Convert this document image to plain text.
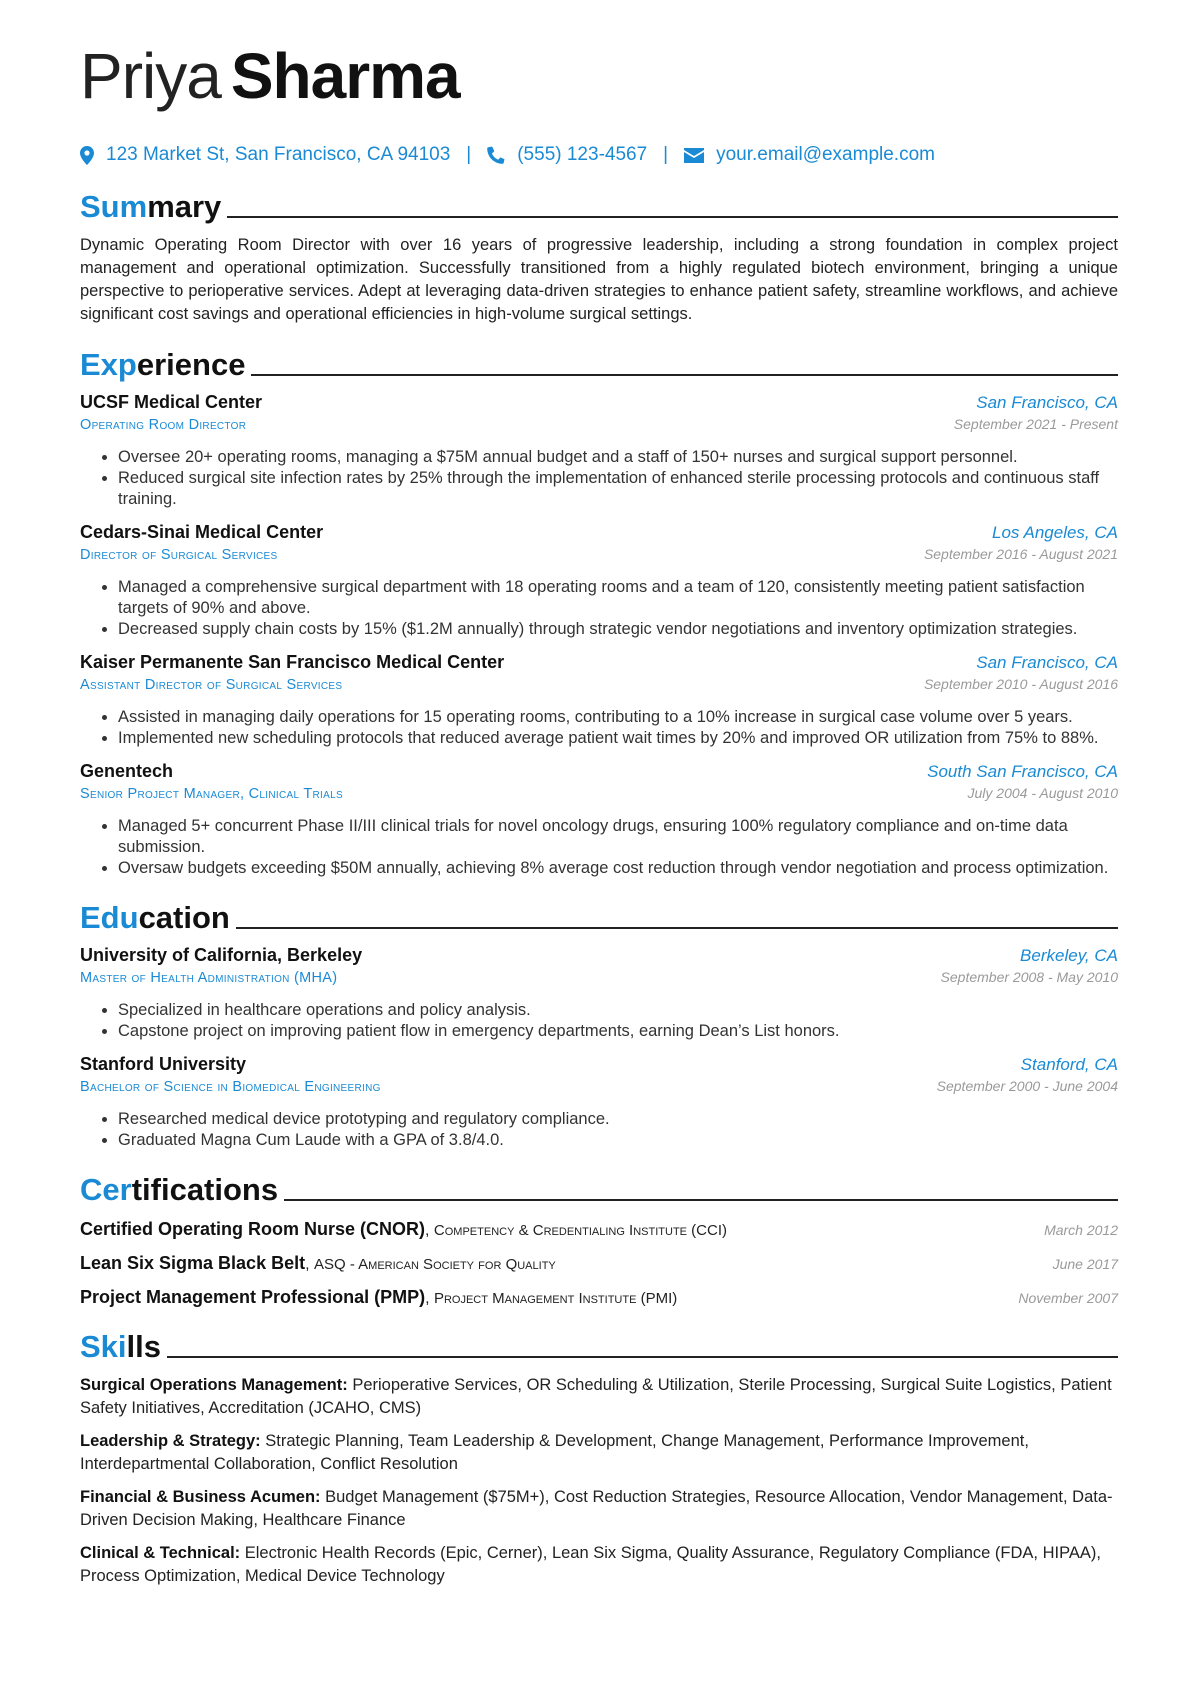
Priya Sharma
123 Market St, San Francisco, CA 94103 | (555) 123-4567 |	your.email@example.com
Summary
Dynamic Operating Room Director with over 16 years of progressive leadership, including a strong foundation in complex project management and operational optimization. Successfully transitioned from a highly regulated biotech environment, bringing a unique perspective to perioperative services. Adept at leveraging data-driven strategies to enhance patient safety, streamline workflows, and achieve significant cost savings and operational efficiencies in high-volume surgical settings.
Experience
UCSF Medical Center	San Francisco, CA
Operating Room Director	September 2021 - Present
• Oversee 20+ operating rooms, managing a $75M annual budget and a staff of 150+ nurses and surgical support personnel.
• Reduced surgical site infection rates by 25% through the implementation of enhanced sterile processing protocols and continuous staff training.
Cedars-Sinai Medical Center	Los Angeles, CA
Director of Surgical Services	September 2016 - August 2021
• Managed a comprehensive surgical department with 18 operating rooms and a team of 120, consistently meeting patient satisfaction targets of 90% and above.
• Decreased supply chain costs by 15% ($1.2M annually) through strategic vendor negotiations and inventory optimization strategies.
Kaiser Permanente San Francisco Medical Center	San Francisco, CA
Assistant Director of Surgical Services	September 2010 - August 2016
• Assisted in managing daily operations for 15 operating rooms, contributing to a 10% increase in surgical case volume over 5 years.
• Implemented new scheduling protocols that reduced average patient wait times by 20% and improved OR utilization from 75% to 88%.
Genentech	South San Francisco, CA
Senior Project Manager, Clinical Trials	July 2004 - August 2010
• Managed 5+ concurrent Phase II/III clinical trials for novel oncology drugs, ensuring 100% regulatory compliance and on-time data submission.
• Oversaw budgets exceeding $50M annually, achieving 8% average cost reduction through vendor negotiation and process optimization.
Education
University of California, Berkeley	Berkeley, CA
Master of Health Administration (MHA)	September 2008 - May 2010
• Specialized in healthcare operations and policy analysis.
• Capstone project on improving patient flow in emergency departments, earning Dean’s List honors.
Stanford University	Stanford, CA
Bachelor of Science in Biomedical Engineering	September 2000 - June 2004
• Researched medical device prototyping and regulatory compliance.
• Graduated Magna Cum Laude with a GPA of 3.8/4.0.
Certifications
Certified Operating Room Nurse (CNOR), Competency & Credentialing Institute (CCI)	March 2012
Lean Six Sigma Black Belt, ASQ - American Society for Quality	June 2017
Project Management Professional (PMP), Project Management Institute (PMI)	November 2007
Skills
Surgical Operations Management: Perioperative Services, OR Scheduling & Utilization, Sterile Processing, Surgical Suite Logistics, Patient Safety Initiatives, Accreditation (JCAHO, CMS)
Leadership & Strategy: Strategic Planning, Team Leadership & Development, Change Management, Performance Improvement, Interdepartmental Collaboration, Conflict Resolution
Financial & Business Acumen: Budget Management ($75M+), Cost Reduction Strategies, Resource Allocation, Vendor Management, Data-Driven Decision Making, Healthcare Finance
Clinical & Technical: Electronic Health Records (Epic, Cerner), Lean Six Sigma, Quality Assurance, Regulatory Compliance (FDA, HIPAA), Process Optimization, Medical Device Technology
